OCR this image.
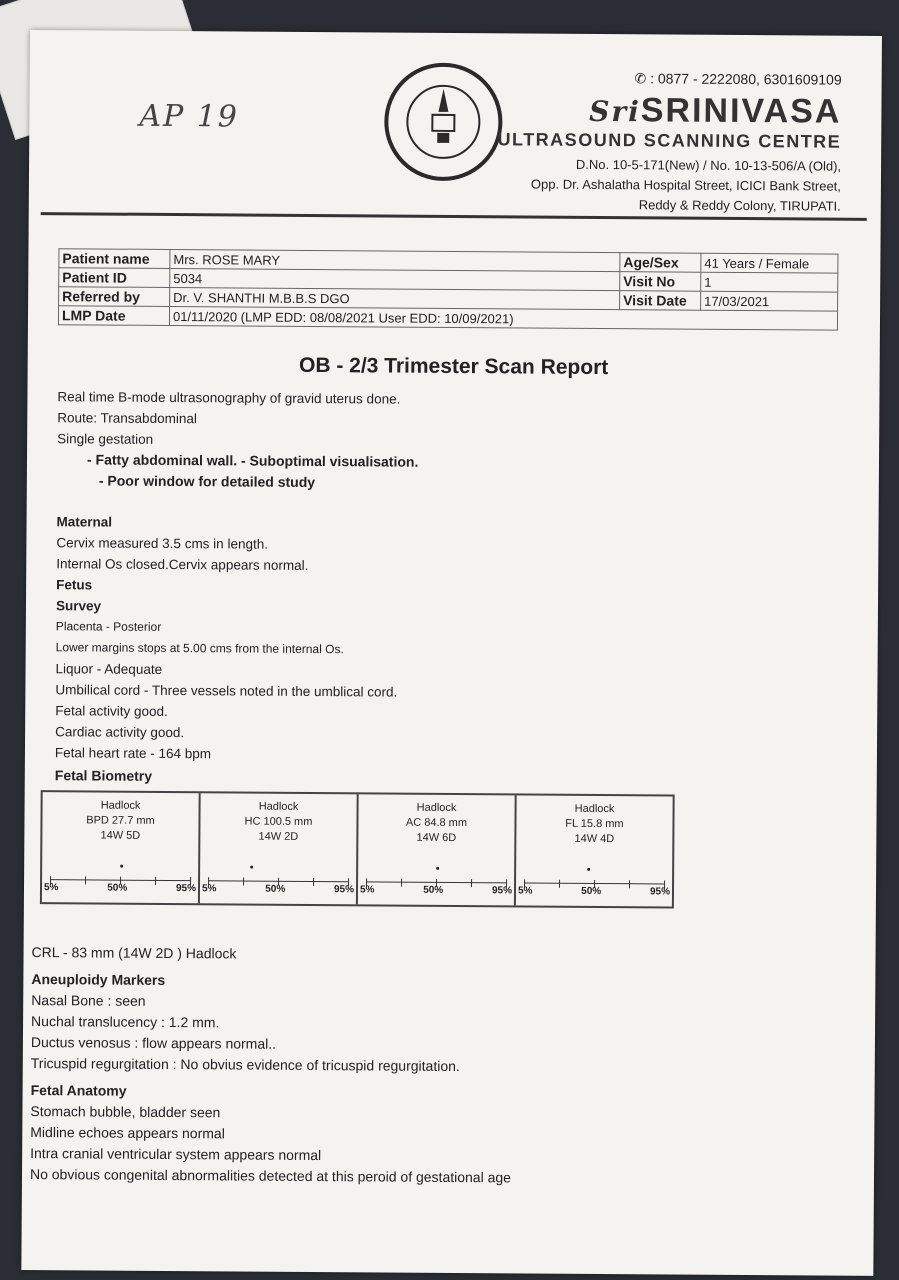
AP 19
✆ : 0877 - 2222080, 6301609109
SriSRINIVASA
ULTRASOUND SCANNING CENTRE
D.No. 10-5-171(New) / No. 10-13-506/A (Old),
Opp. Dr. Ashalatha Hospital Street, ICICI Bank Street,
Reddy & Reddy Colony, TIRUPATI.
Patient name	Mrs. ROSE MARY	Age/Sex	41 Years / Female
Patient ID	5034	Visit No	1
Referred by	Dr. V. SHANTHI M.B.B.S DGO	Visit Date	17/03/2021
LMP Date	01/11/2020 (LMP EDD: 08/08/2021 User EDD: 10/09/2021)		
OB - 2/3 Trimester Scan Report
Real time B-mode ultrasonography of gravid uterus done.
Route: Transabdominal
Single gestation
- Fatty abdominal wall. - Suboptimal visualisation.
- Poor window for detailed study
Maternal
Cervix measured 3.5 cms in length.
Internal Os closed.Cervix appears normal.
Fetus
Survey
Placenta - Posterior
Lower margins stops at 5.00 cms from the internal Os.
Liquor - Adequate
Umbilical cord - Three vessels noted in the umblical cord.
Fetal activity good.
Cardiac activity good.
Fetal heart rate - 164 bpm
Fetal Biometry
Hadlock
BPD 27.7 mm
14W 5D
5%	50%	95%
Hadlock
HC 100.5 mm
14W 2D
5%	50%	95%
Hadlock
AC 84.8 mm
14W 6D
5%	50%	95%
Hadlock
FL 15.8 mm
14W 4D
5%	50%	95%
CRL - 83 mm (14W 2D ) Hadlock
Aneuploidy Markers
Nasal Bone : seen
Nuchal translucency : 1.2 mm.
Ductus venosus : flow appears normal..
Tricuspid regurgitation : No obvius evidence of tricuspid regurgitation.
Fetal Anatomy
Stomach bubble, bladder seen
Midline echoes appears normal
Intra cranial ventricular system appears normal
No obvious congenital abnormalities detected at this peroid of gestational age
